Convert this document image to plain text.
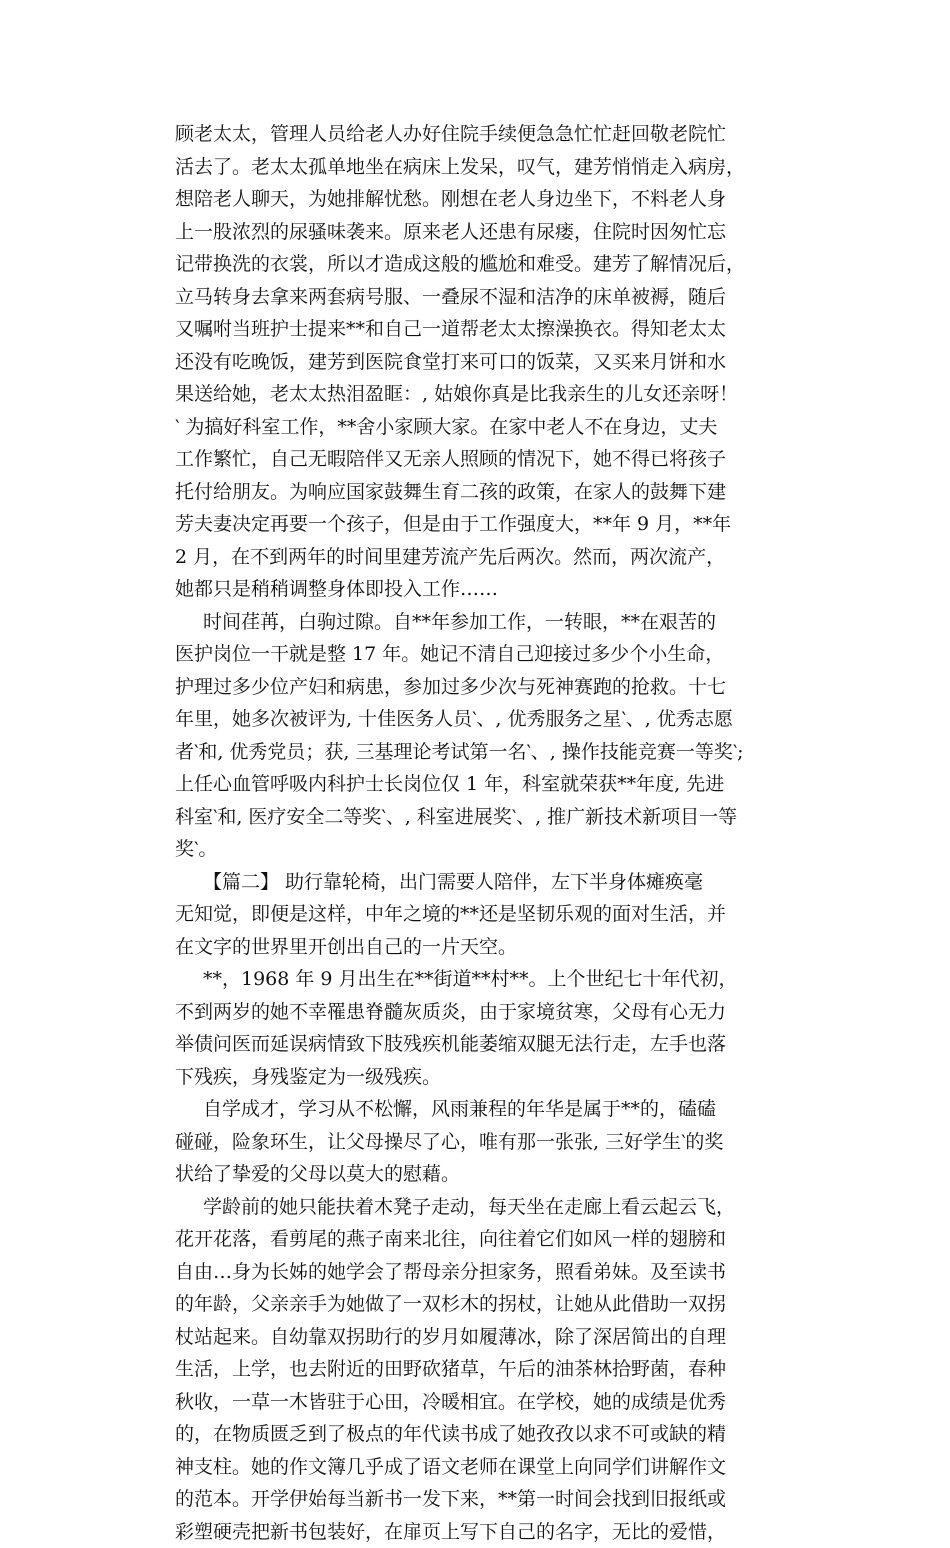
顾老太太，管理人员给老人办好住院手续便急急忙忙赶回敬老院忙
活去了。老太太孤单地坐在病床上发呆，叹气，建芳悄悄走入病房，
想陪老人聊天，为她排解忧愁。刚想在老人身边坐下，不料老人身
上一股浓烈的尿骚味袭来。原来老人还患有尿瘘，住院时因匆忙忘
记带换洗的衣裳，所以才造成这般的尴尬和难受。建芳了解情况后，
立马转身去拿来两套病号服、一叠尿不湿和洁净的床单被褥，随后
又嘱咐当班护士提来**和自己一道帮老太太擦澡换衣。得知老太太
还没有吃晚饭，建芳到医院食堂打来可口的饭菜，又买来月饼和水
果送给她，老太太热泪盈眶：, 姑娘你真是比我亲生的儿女还亲呀！
‵ 为搞好科室工作，**舍小家顾大家。在家中老人不在身边，丈夫
工作繁忙，自己无暇陪伴又无亲人照顾的情况下，她不得已将孩子
托付给朋友。为响应国家鼓舞生育二孩的政策，在家人的鼓舞下建
芳夫妻决定再要一个孩子，但是由于工作强度大，**年 9 月，**年
2 月，在不到两年的时间里建芳流产先后两次。然而，两次流产，
她都只是稍稍调整身体即投入工作……
时间荏苒，白驹过隙。自**年参加工作，一转眼，**在艰苦的
医护岗位一干就是整 17 年。她记不清自己迎接过多少个小生命，
护理过多少位产妇和病患，参加过多少次与死神赛跑的抢救。十七
年里，她多次被评为, 十佳医务人员‵、, 优秀服务之星‵、, 优秀志愿
者‵和, 优秀党员；获, 三基理论考试第一名‵、, 操作技能竞赛一等奖‵;
上任心血管呼吸内科护士长岗位仅 1 年，科室就荣获**年度, 先进
科室‵和, 医疗安全二等奖‵、, 科室进展奖‵、, 推广新技术新项目一等
奖‵。
【篇二】 助行靠轮椅，出门需要人陪伴，左下半身体瘫痪毫
无知觉，即便是这样，中年之境的**还是坚韧乐观的面对生活，并
在文字的世界里开创出自己的一片天空。
**，1968 年 9 月出生在**街道**村**。上个世纪七十年代初，
不到两岁的她不幸罹患脊髓灰质炎，由于家境贫寒，父母有心无力
举债问医而延误病情致下肢残疾机能萎缩双腿无法行走，左手也落
下残疾，身残鉴定为一级残疾。
自学成才，学习从不松懈，风雨兼程的年华是属于**的，磕磕
碰碰，险象环生，让父母操尽了心，唯有那一张张, 三好学生‵的奖
状给了挚爱的父母以莫大的慰藉。
学龄前的她只能扶着木凳子走动，每天坐在走廊上看云起云飞，
花开花落，看剪尾的燕子南来北往，向往着它们如风一样的翅膀和
自由…身为长姊的她学会了帮母亲分担家务，照看弟妹。及至读书
的年龄，父亲亲手为她做了一双杉木的拐杖，让她从此借助一双拐
杖站起来。自幼靠双拐助行的岁月如履薄冰，除了深居简出的自理
生活，上学，也去附近的田野砍猪草，午后的油茶林拾野菌，春种
秋收，一草一木皆驻于心田，冷暖相宜。在学校，她的成绩是优秀
的，在物质匮乏到了极点的年代读书成了她孜孜以求不可或缺的精
神支柱。她的作文簿几乎成了语文老师在课堂上向同学们讲解作文
的范本。开学伊始每当新书一发下来，**第一时间会找到旧报纸或
彩塑硬壳把新书包装好，在扉页上写下自己的名字，无比的爱惜，
